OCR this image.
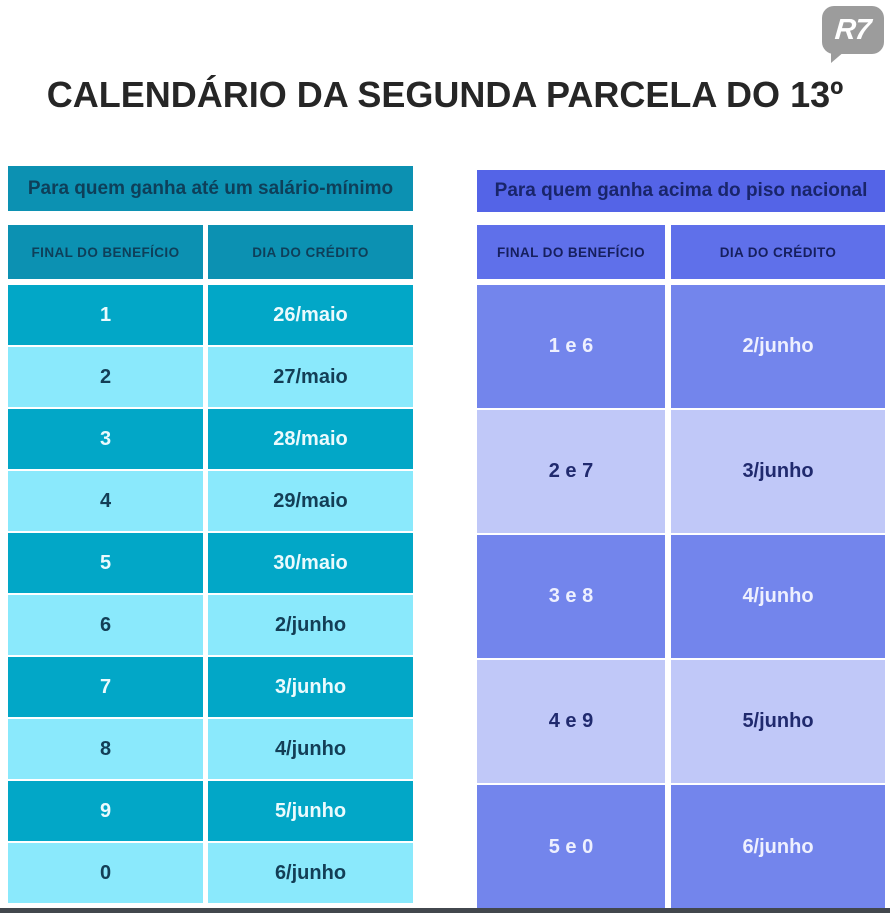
R7
CALENDÁRIO DA SEGUNDA PARCELA DO 13º
Para quem ganha até um salário-mínimo
FINAL DO BENEFÍCIO	DIA DO CRÉDITO
1	26/maio
2	27/maio
3	28/maio
4	29/maio
5	30/maio
6	2/junho
7	3/junho
8	4/junho
9	5/junho
0	6/junho
Para quem ganha acima do piso nacional
FINAL DO BENEFÍCIO	DIA DO CRÉDITO
1 e 6	2/junho
2 e 7	3/junho
3 e 8	4/junho
4 e 9	5/junho
5 e 0	6/junho
